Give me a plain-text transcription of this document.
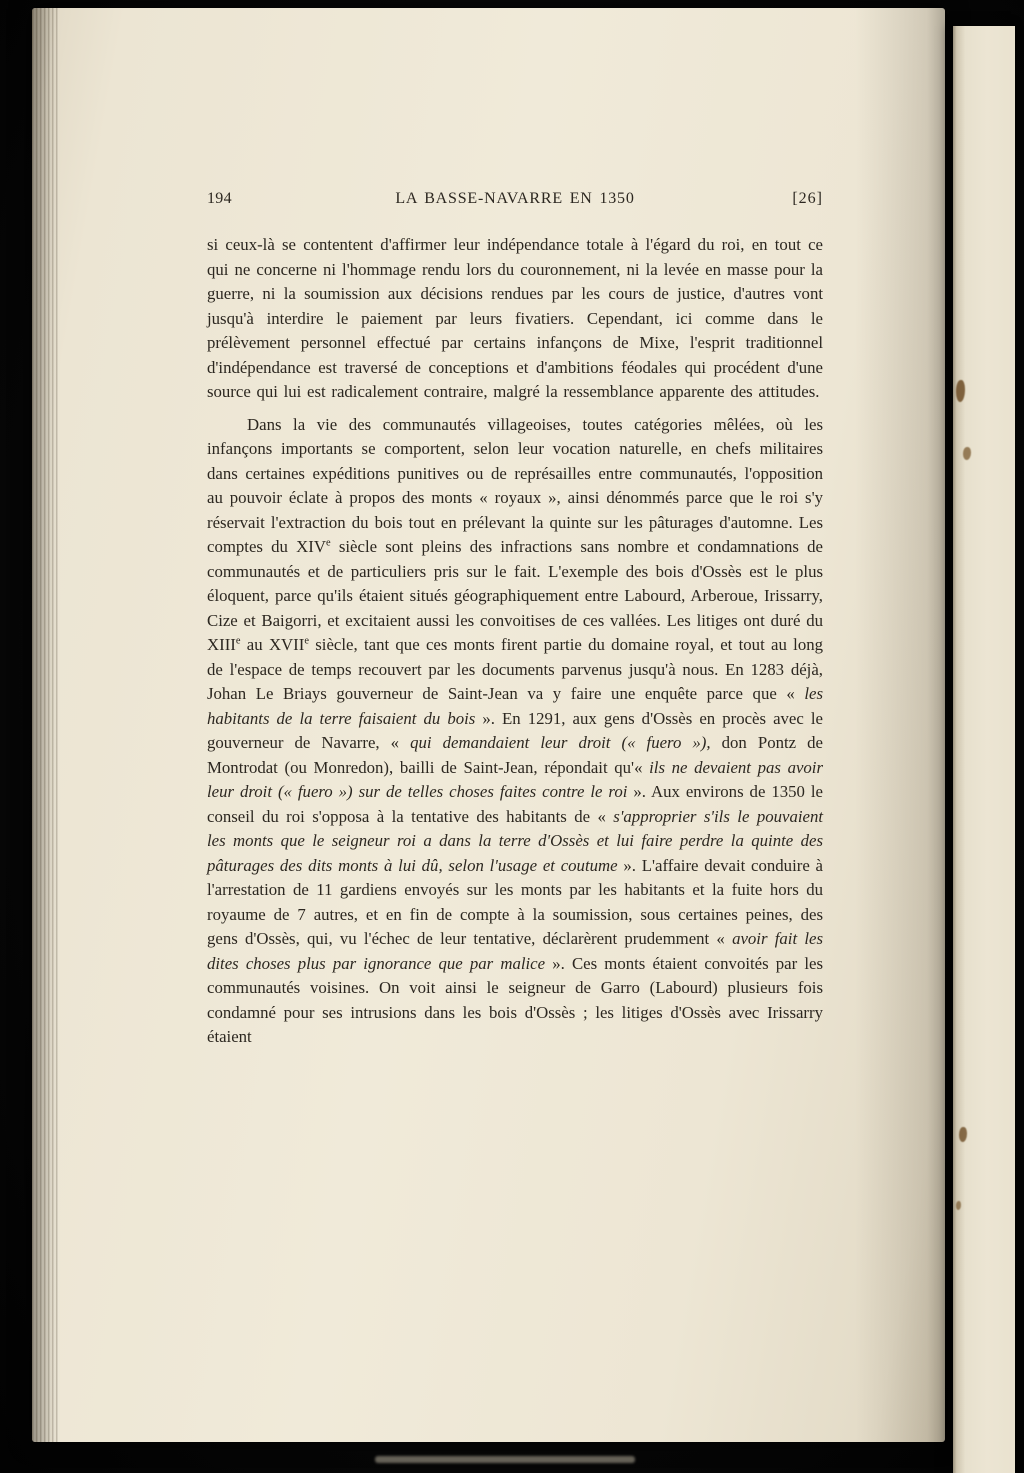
194	LA BASSE-NAVARRE EN 1350	[26]

si ceux-là se contentent d'affirmer leur indépendance totale à l'égard du roi, en tout ce qui ne concerne ni l'hommage rendu lors du couronnement, ni la levée en masse pour la guerre, ni la soumission aux décisions rendues par les cours de justice, d'autres vont jusqu'à interdire le paiement par leurs fivatiers. Cependant, ici comme dans le prélèvement personnel effectué par certains infançons de Mixe, l'esprit traditionnel d'indépendance est traversé de conceptions et d'ambitions féodales qui procédent d'une source qui lui est radicalement contraire, malgré la ressemblance apparente des attitudes.

Dans la vie des communautés villageoises, toutes catégories mêlées, où les infançons importants se comportent, selon leur vocation naturelle, en chefs militaires dans certaines expéditions punitives ou de représailles entre communautés, l'opposition au pouvoir éclate à propos des monts « royaux », ainsi dénommés parce que le roi s'y réservait l'extraction du bois tout en prélevant la quinte sur les pâturages d'automne. Les comptes du XIVe siècle sont pleins des infractions sans nombre et condamnations de communautés et de particuliers pris sur le fait. L'exemple des bois d'Ossès est le plus éloquent, parce qu'ils étaient situés géographiquement entre Labourd, Arberoue, Irissarry, Cize et Baigorri, et excitaient aussi les convoitises de ces vallées. Les litiges ont duré du XIIIe au XVIIe siècle, tant que ces monts firent partie du domaine royal, et tout au long de l'espace de temps recouvert par les documents parvenus jusqu'à nous. En 1283 déjà, Johan Le Briays gouverneur de Saint-Jean va y faire une enquête parce que « les habitants de la terre faisaient du bois ». En 1291, aux gens d'Ossès en procès avec le gouverneur de Navarre, « qui demandaient leur droit (« fuero »), don Pontz de Montrodat (ou Monredon), bailli de Saint-Jean, répondait qu'« ils ne devaient pas avoir leur droit (« fuero ») sur de telles choses faites contre le roi ». Aux environs de 1350 le conseil du roi s'opposa à la tentative des habitants de « s'approprier s'ils le pouvaient les monts que le seigneur roi a dans la terre d'Ossès et lui faire perdre la quinte des pâturages des dits monts à lui dû, selon l'usage et coutume ». L'affaire devait conduire à l'arrestation de 11 gardiens envoyés sur les monts par les habitants et la fuite hors du royaume de 7 autres, et en fin de compte à la soumission, sous certaines peines, des gens d'Ossès, qui, vu l'échec de leur tentative, déclarèrent prudemment « avoir fait les dites choses plus par ignorance que par malice ». Ces monts étaient convoités par les communautés voisines. On voit ainsi le seigneur de Garro (Labourd) plusieurs fois condamné pour ses intrusions dans les bois d'Ossès ; les litiges d'Ossès avec Irissarry étaient
